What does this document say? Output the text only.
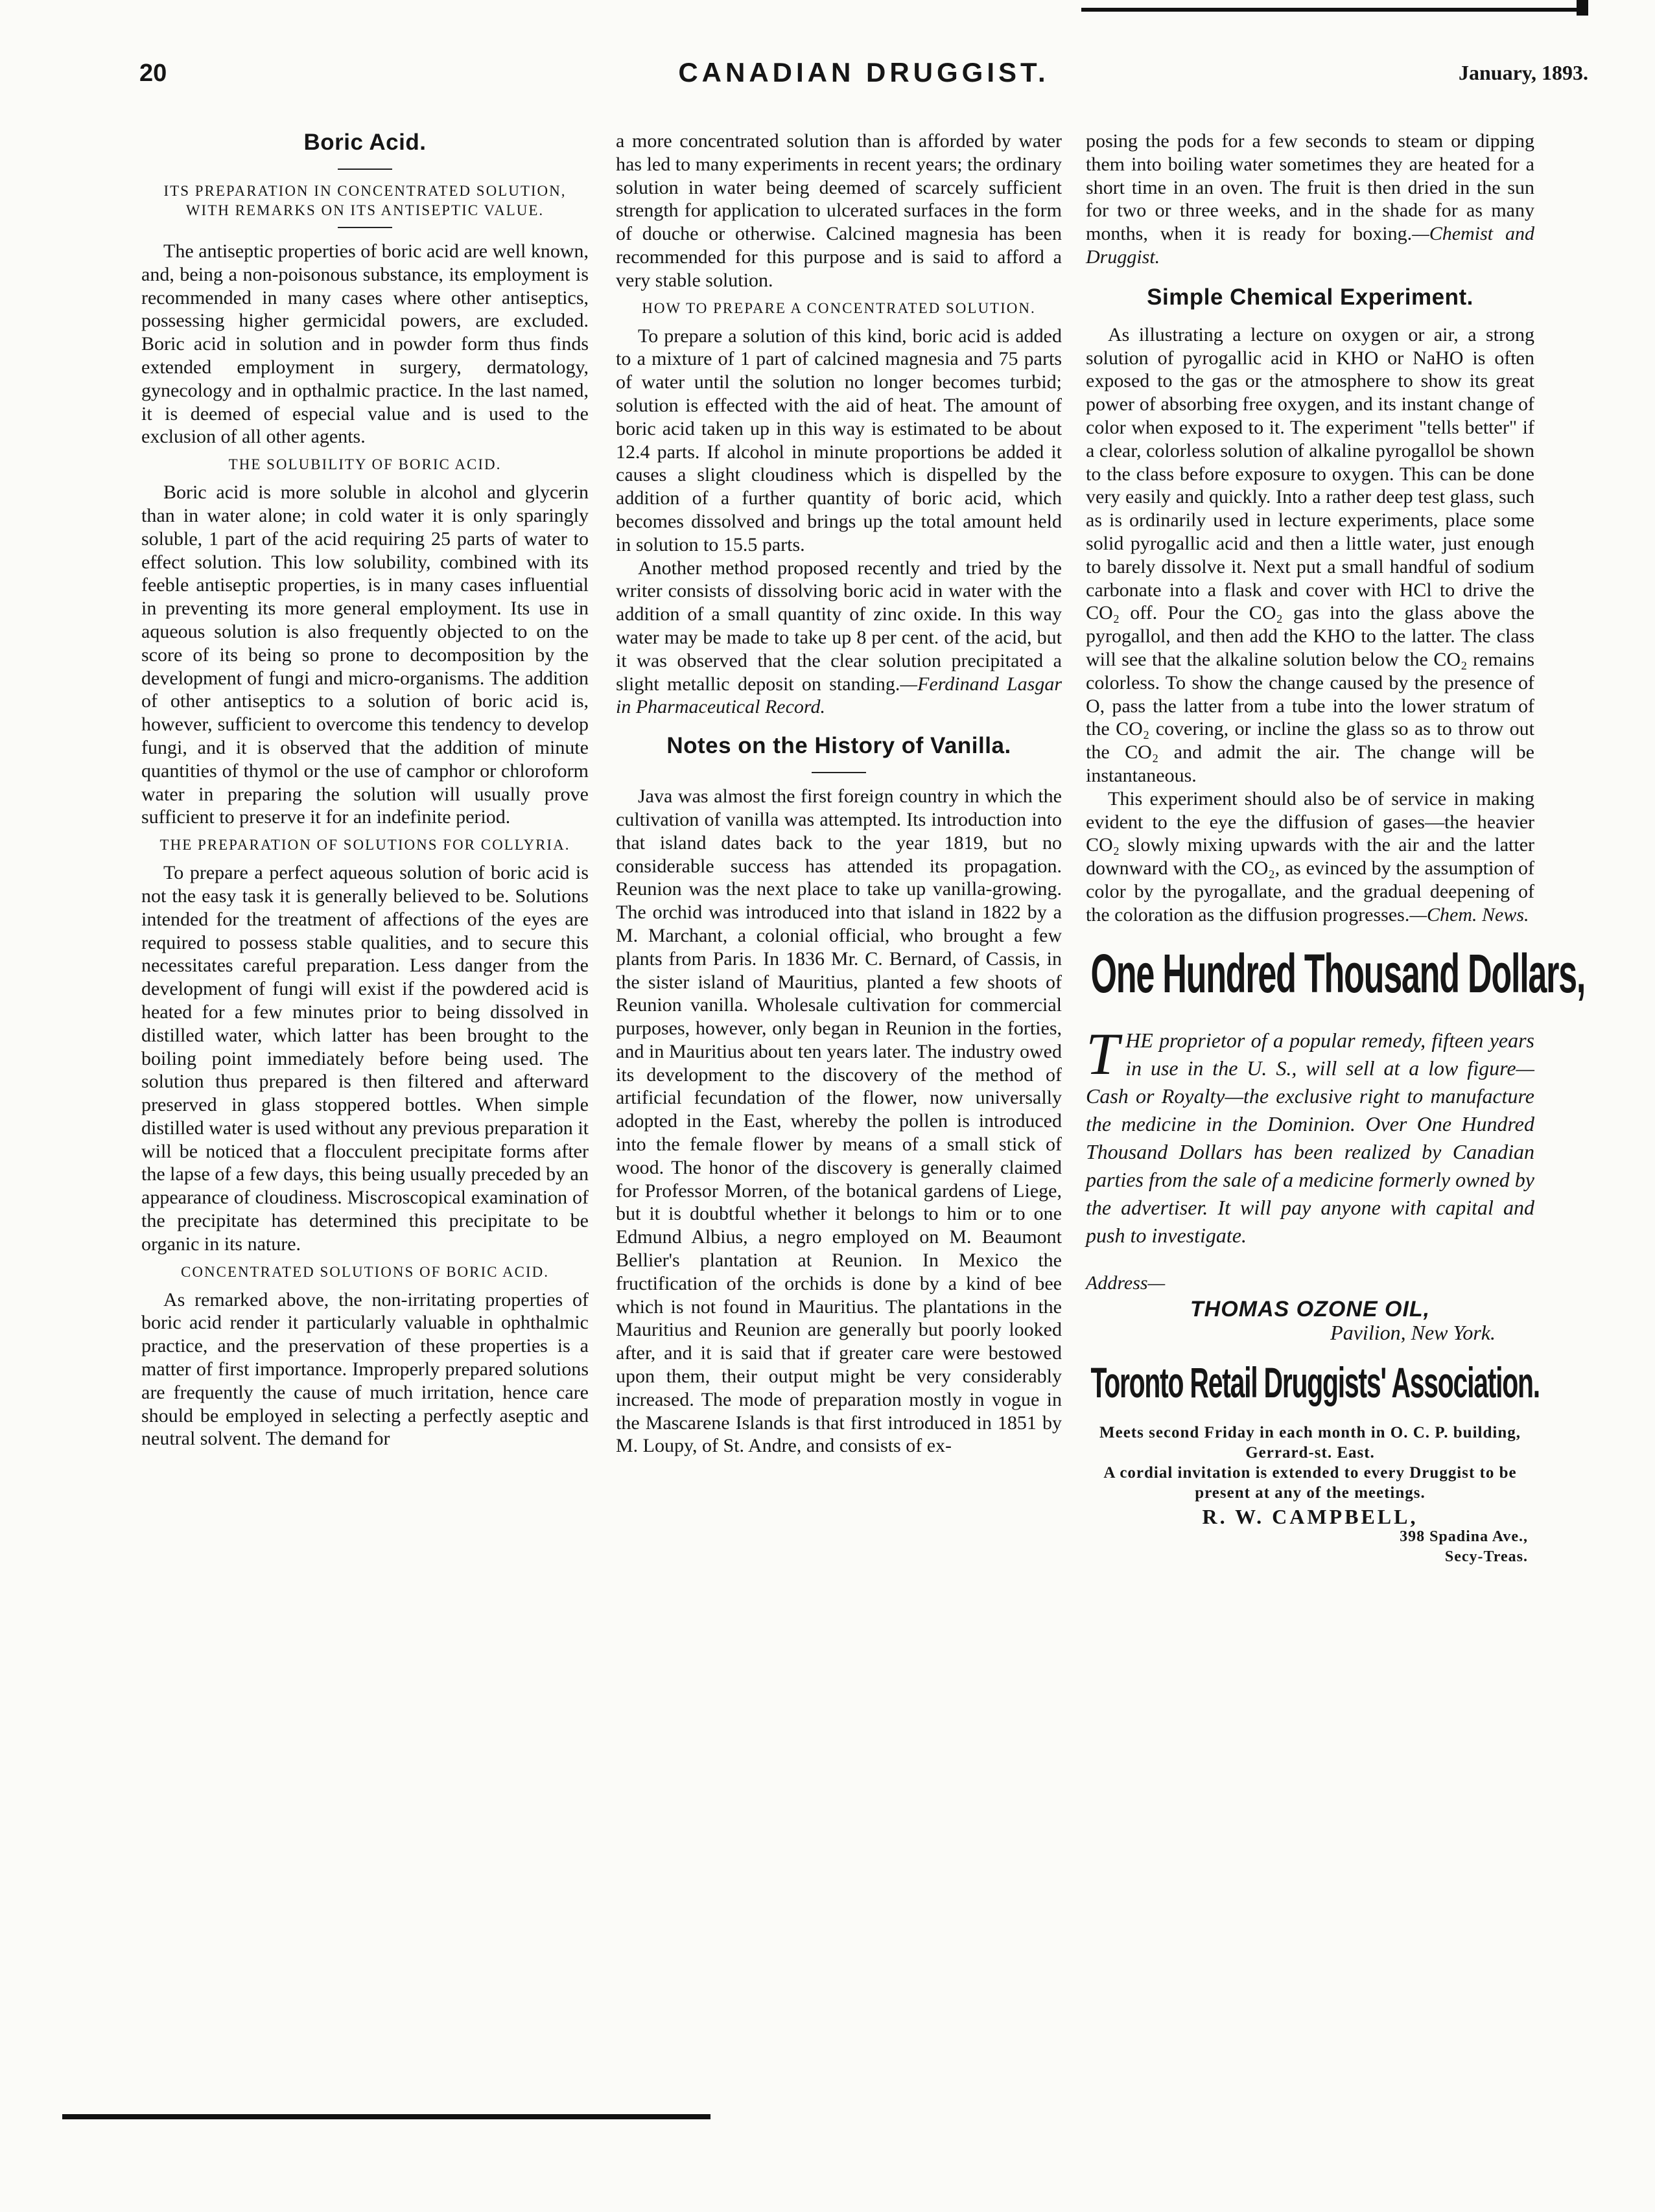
20	CANADIAN DRUGGIST.	January, 1893.
Boric Acid.
ITS PREPARATION IN CONCENTRATED SOLUTION, WITH REMARKS ON ITS ANTISEPTIC VALUE.

The antiseptic properties of boric acid are well known, and, being a non-poisonous substance, its employment is recommended in many cases where other antiseptics, possessing higher germicidal powers, are excluded. Boric acid in solution and in powder form thus finds extended employment in surgery, dermatology, gynecology and in opthalmic practice. In the last named, it is deemed of especial value and is used to the exclusion of all other agents.

THE SOLUBILITY OF BORIC ACID.

Boric acid is more soluble in alcohol and glycerin than in water alone; in cold water it is only sparingly soluble, 1 part of the acid requiring 25 parts of water to effect solution. This low solubility, combined with its feeble antiseptic properties, is in many cases influential in preventing its more general employment. Its use in aqueous solution is also frequently objected to on the score of its being so prone to decomposition by the development of fungi and micro-organisms. The addition of other antiseptics to a solution of boric acid is, however, sufficient to overcome this tendency to develop fungi, and it is observed that the addition of minute quantities of thymol or the use of camphor or chloroform water in preparing the solution will usually prove sufficient to preserve it for an indefinite period.

THE PREPARATION OF SOLUTIONS FOR COLLYRIA.

To prepare a perfect aqueous solution of boric acid is not the easy task it is generally believed to be. Solutions intended for the treatment of affections of the eyes are required to possess stable qualities, and to secure this necessitates careful preparation. Less danger from the development of fungi will exist if the powdered acid is heated for a few minutes prior to being dissolved in distilled water, which latter has been brought to the boiling point immediately before being used. The solution thus prepared is then filtered and afterward preserved in glass stoppered bottles. When simple distilled water is used without any previous preparation it will be noticed that a flocculent precipitate forms after the lapse of a few days, this being usually preceded by an appearance of cloudiness. Miscroscopical examination of the precipitate has determined this precipitate to be organic in its nature.

CONCENTRATED SOLUTIONS OF BORIC ACID.

As remarked above, the non-irritating properties of boric acid render it particularly valuable in ophthalmic practice, and the preservation of these properties is a matter of first importance. Improperly prepared solutions are frequently the cause of much irritation, hence care should be employed in selecting a perfectly aseptic and neutral solvent. The demand for

a more concentrated solution than is afforded by water has led to many experiments in recent years; the ordinary solution in water being deemed of scarcely sufficient strength for application to ulcerated surfaces in the form of douche or otherwise. Calcined magnesia has been recommended for this purpose and is said to afford a very stable solution.

HOW TO PREPARE A CONCENTRATED SOLUTION.

To prepare a solution of this kind, boric acid is added to a mixture of 1 part of calcined magnesia and 75 parts of water until the solution no longer becomes turbid; solution is effected with the aid of heat. The amount of boric acid taken up in this way is estimated to be about 12.4 parts. If alcohol in minute proportions be added it causes a slight cloudiness which is dispelled by the addition of a further quantity of boric acid, which becomes dissolved and brings up the total amount held in solution to 15.5 parts.

Another method proposed recently and tried by the writer consists of dissolving boric acid in water with the addition of a small quantity of zinc oxide. In this way water may be made to take up 8 per cent. of the acid, but it was observed that the clear solution precipitated a slight metallic deposit on standing.—Ferdinand Lasgar in Pharmaceutical Record.

Notes on the History of Vanilla.

Java was almost the first foreign country in which the cultivation of vanilla was attempted. Its introduction into that island dates back to the year 1819, but no considerable success has attended its propagation. Reunion was the next place to take up vanilla-growing. The orchid was introduced into that island in 1822 by a M. Marchant, a colonial official, who brought a few plants from Paris. In 1836 Mr. C. Bernard, of Cassis, in the sister island of Mauritius, planted a few shoots of Reunion vanilla. Wholesale cultivation for commercial purposes, however, only began in Reunion in the forties, and in Mauritius about ten years later. The industry owed its development to the discovery of the method of artificial fecundation of the flower, now universally adopted in the East, whereby the pollen is introduced into the female flower by means of a small stick of wood. The honor of the discovery is generally claimed for Professor Morren, of the botanical gardens of Liege, but it is doubtful whether it belongs to him or to one Edmund Albius, a negro employed on M. Beaumont Bellier's plantation at Reunion. In Mexico the fructification of the orchids is done by a kind of bee which is not found in Mauritius. The plantations in the Mauritius and Reunion are generally but poorly looked after, and it is said that if greater care were bestowed upon them, their output might be very considerably increased. The mode of preparation mostly in vogue in the Mascarene Islands is that first introduced in 1851 by M. Loupy, of St. Andre, and consists of ex-

posing the pods for a few seconds to steam or dipping them into boiling water sometimes they are heated for a short time in an oven. The fruit is then dried in the sun for two or three weeks, and in the shade for as many months, when it is ready for boxing.—Chemist and Druggist.

Simple Chemical Experiment.

As illustrating a lecture on oxygen or air, a strong solution of pyrogallic acid in KHO or NaHO is often exposed to the gas or the atmosphere to show its great power of absorbing free oxygen, and its instant change of color when exposed to it. The experiment "tells better" if a clear, colorless solution of alkaline pyrogallol be shown to the class before exposure to oxygen. This can be done very easily and quickly. Into a rather deep test glass, such as is ordinarily used in lecture experiments, place some solid pyrogallic acid and then a little water, just enough to barely dissolve it. Next put a small handful of sodium carbonate into a flask and cover with HCl to drive the CO₂ off. Pour the CO₂ gas into the glass above the pyrogallol, and then add the KHO to the latter. The class will see that the alkaline solution below the CO₂ remains colorless. To show the change caused by the presence of O, pass the latter from a tube into the lower stratum of the CO₂ covering, or incline the glass so as to throw out the CO₂ and admit the air. The change will be instantaneous.

This experiment should also be of service in making evident to the eye the diffusion of gases—the heavier CO₂ slowly mixing upwards with the air and the latter downward with the CO₂, as evinced by the assumption of color by the pyrogallate, and the gradual deepening of the coloration as the diffusion progresses.—Chem. News.

One Hundred Thousand Dollars,
THE proprietor of a popular remedy, fifteen years in use in the U. S., will sell at a low figure—Cash or Royalty—the exclusive right to manufacture the medicine in the Dominion. Over One Hundred Thousand Dollars has been realized by Canadian parties from the sale of a medicine formerly owned by the advertiser. It will pay anyone with capital and push to investigate.
Address—
THOMAS OZONE OIL,
Pavilion, New York.
Toronto Retail Druggists' Association.

Meets second Friday in each month in O. C. P. building, Gerrard-st. East.

A cordial invitation is extended to every Druggist to be present at any of the meetings.

R. W. CAMPBELL,

398 Spadina Ave.,

Secy-Treas.
